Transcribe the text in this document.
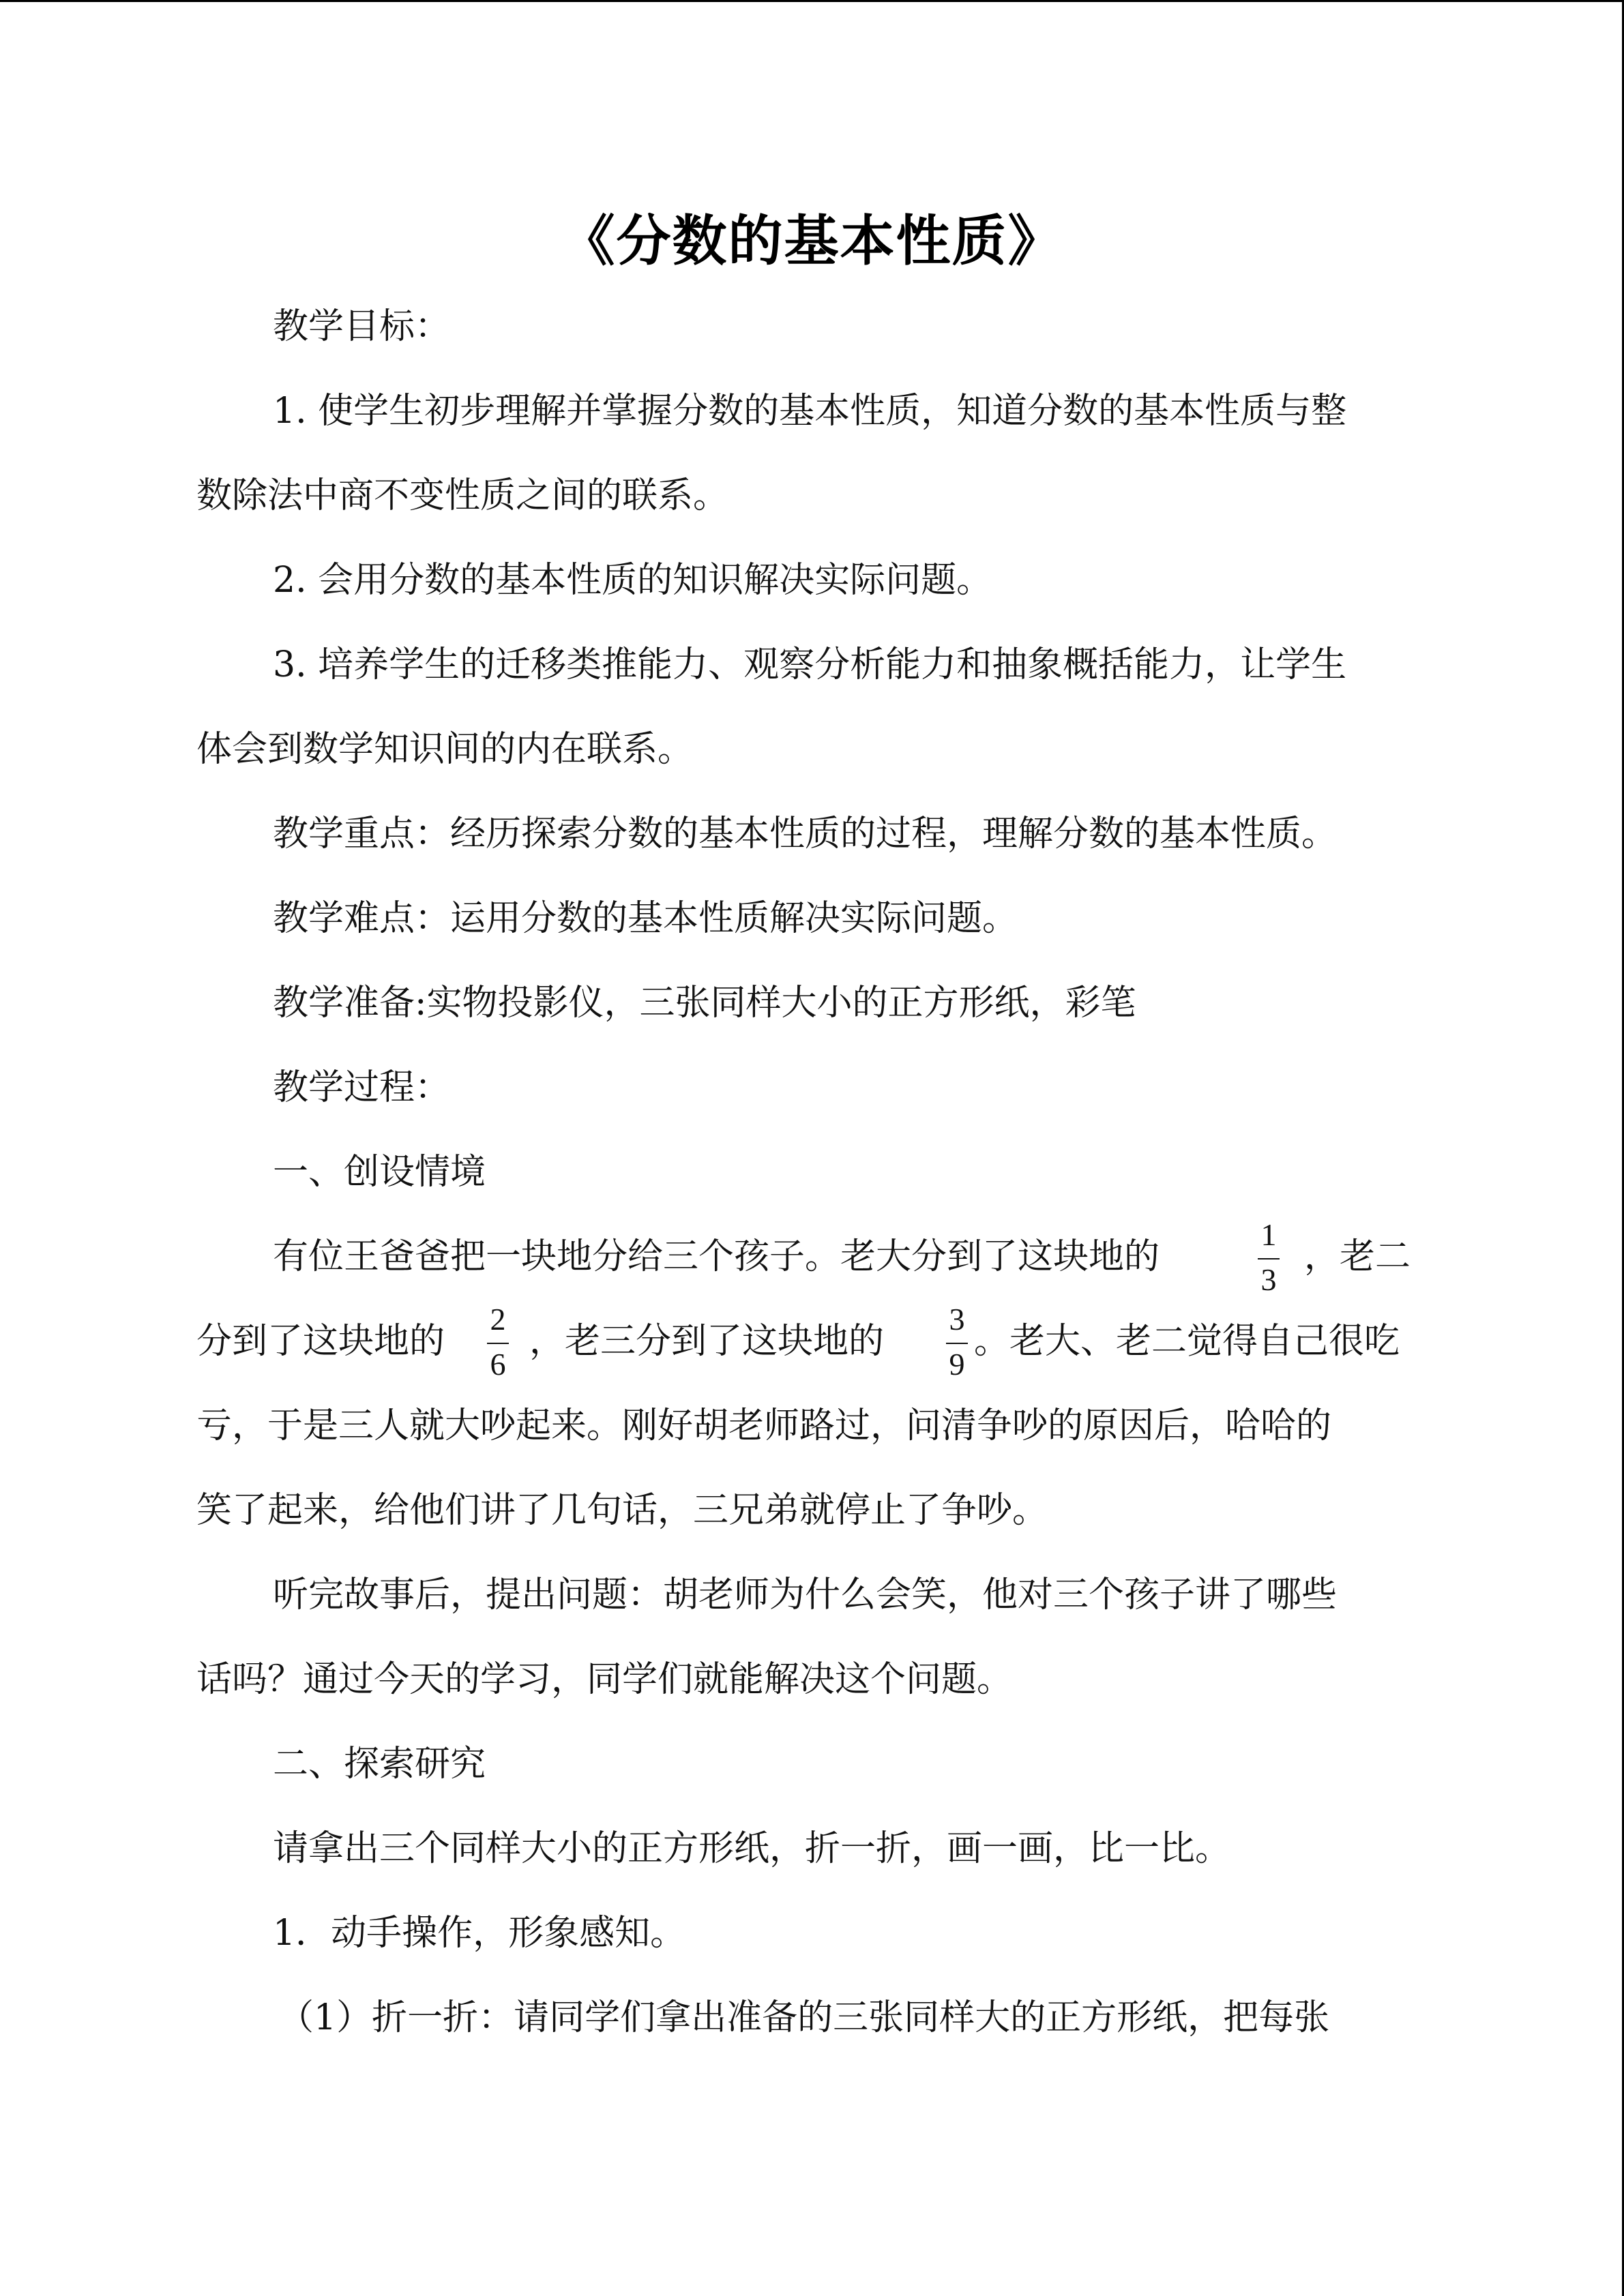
《分数的基本性质》
教学目标：
1. 使学生初步理解并掌握分数的基本性质，知道分数的基本性质与整
数除法中商不变性质之间的联系。
2. 会用分数的基本性质的知识解决实际问题。
3. 培养学生的迁移类推能力、观察分析能力和抽象概括能力，让学生
体会到数学知识间的内在联系。
教学重点：经历探索分数的基本性质的过程，理解分数的基本性质。
教学难点：运用分数的基本性质解决实际问题。
教学准备:实物投影仪，三张同样大小的正方形纸，彩笔
教学过程：
一、创设情境
有位王爸爸把一块地分给三个孩子。老大分到了这块地的
1
3
，老二
分到了这块地的
2
6
，老三分到了这块地的
3
9
。老大、老二觉得自己很吃
亏，于是三人就大吵起来。刚好胡老师路过，问清争吵的原因后，哈哈的
笑了起来，给他们讲了几句话，三兄弟就停止了争吵。
听完故事后，提出问题：胡老师为什么会笑，他对三个孩子讲了哪些
话吗？通过今天的学习，同学们就能解决这个问题。
二、探索研究
请拿出三个同样大小的正方形纸，折一折，画一画，比一比。
1．动手操作，形象感知。
（1）折一折：请同学们拿出准备的三张同样大的正方形纸，把每张
